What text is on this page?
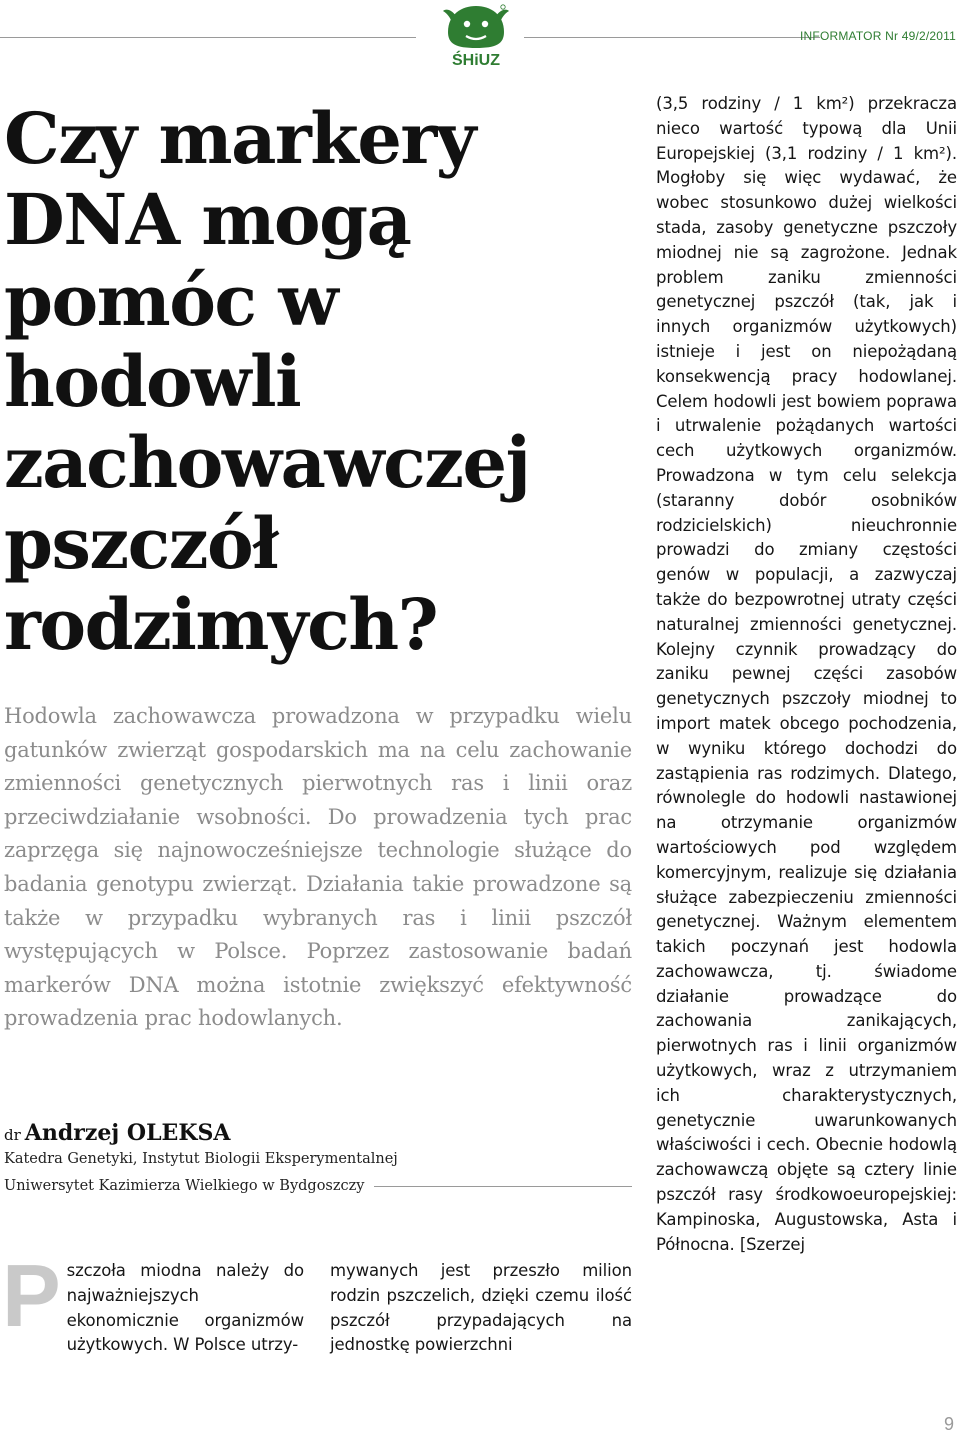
ŚHiUZ
INFORMATOR Nr 49/2/2011
Czy markery DNA mogą pomóc w hodowli zachowawczej pszczół rodzimych?

Hodowla zachowawcza prowadzona w przypadku wielu gatunków zwierząt gospodarskich ma na celu zachowanie zmienności genetycznych pierwotnych ras i linii oraz przeciwdziałanie wsobności. Do prowadzenia tych prac zaprzęga się najnowocześniejsze technologie służące do badania genotypu zwierząt. Działania takie prowadzone są także w przypadku wybranych ras i linii pszczół występujących w Polsce. Poprzez zastosowanie badań markerów DNA można istotnie zwiększyć efektywność prowadzenia prac hodowlanych.

dr Andrzej OLEKSA
Katedra Genetyki, Instytut Biologii Eksperymentalnej
Uniwersytet Kazimierza Wielkiego w Bydgoszczy

Pszczoła miodna należy do najważniejszych ekonomicznie organizmów użytkowych. W Polsce utrzy-

mywanych jest przeszło milion rodzin pszczelich, dzięki czemu ilość pszczół przypadających na jednostkę powierzchni

(3,5 rodziny / 1 km²) przekracza nieco wartość typową dla Unii Europejskiej (3,1 rodziny / 1 km²). Mogłoby się więc wydawać, że wobec stosunkowo dużej wielkości stada, zasoby genetyczne pszczoły miodnej nie są zagrożone. Jednak problem zaniku zmienności genetycznej pszczół (tak, jak i innych organizmów użytkowych) istnieje i jest on niepożądaną konsekwencją pracy hodowlanej. Celem hodowli jest bowiem poprawa i utrwalenie pożądanych wartości cech użytkowych organizmów. Prowadzona w tym celu selekcja (staranny dobór osobników rodzicielskich) nieuchronnie prowadzi do zmiany częstości genów w populacji, a zazwyczaj także do bezpowrotnej utraty części naturalnej zmienności genetycznej. Kolejny czynnik prowadzący do zaniku pewnej części zasobów genetycznych pszczoły miodnej to import matek obcego pochodzenia, w wyniku którego dochodzi do zastąpienia ras rodzimych. Dlatego, równolegle do hodowli nastawionej na otrzymanie organizmów wartościowych pod względem komercyjnym, realizuje się działania służące zabezpieczeniu zmienności genetycznej. Ważnym elementem takich poczynań jest hodowla zachowawcza, tj. świadome działanie prowadzące do zachowania zanikających, pierwotnych ras i linii organizmów użytkowych, wraz z utrzymaniem ich charakterystycznych, genetycznie uwarunkowanych właściwości i cech. Obecnie hodowlą zachowawczą objęte są cztery linie pszczół rasy środkowoeuropejskiej: Kampinoska, Augustowska, Asta i Północna. [Szerzej

9
